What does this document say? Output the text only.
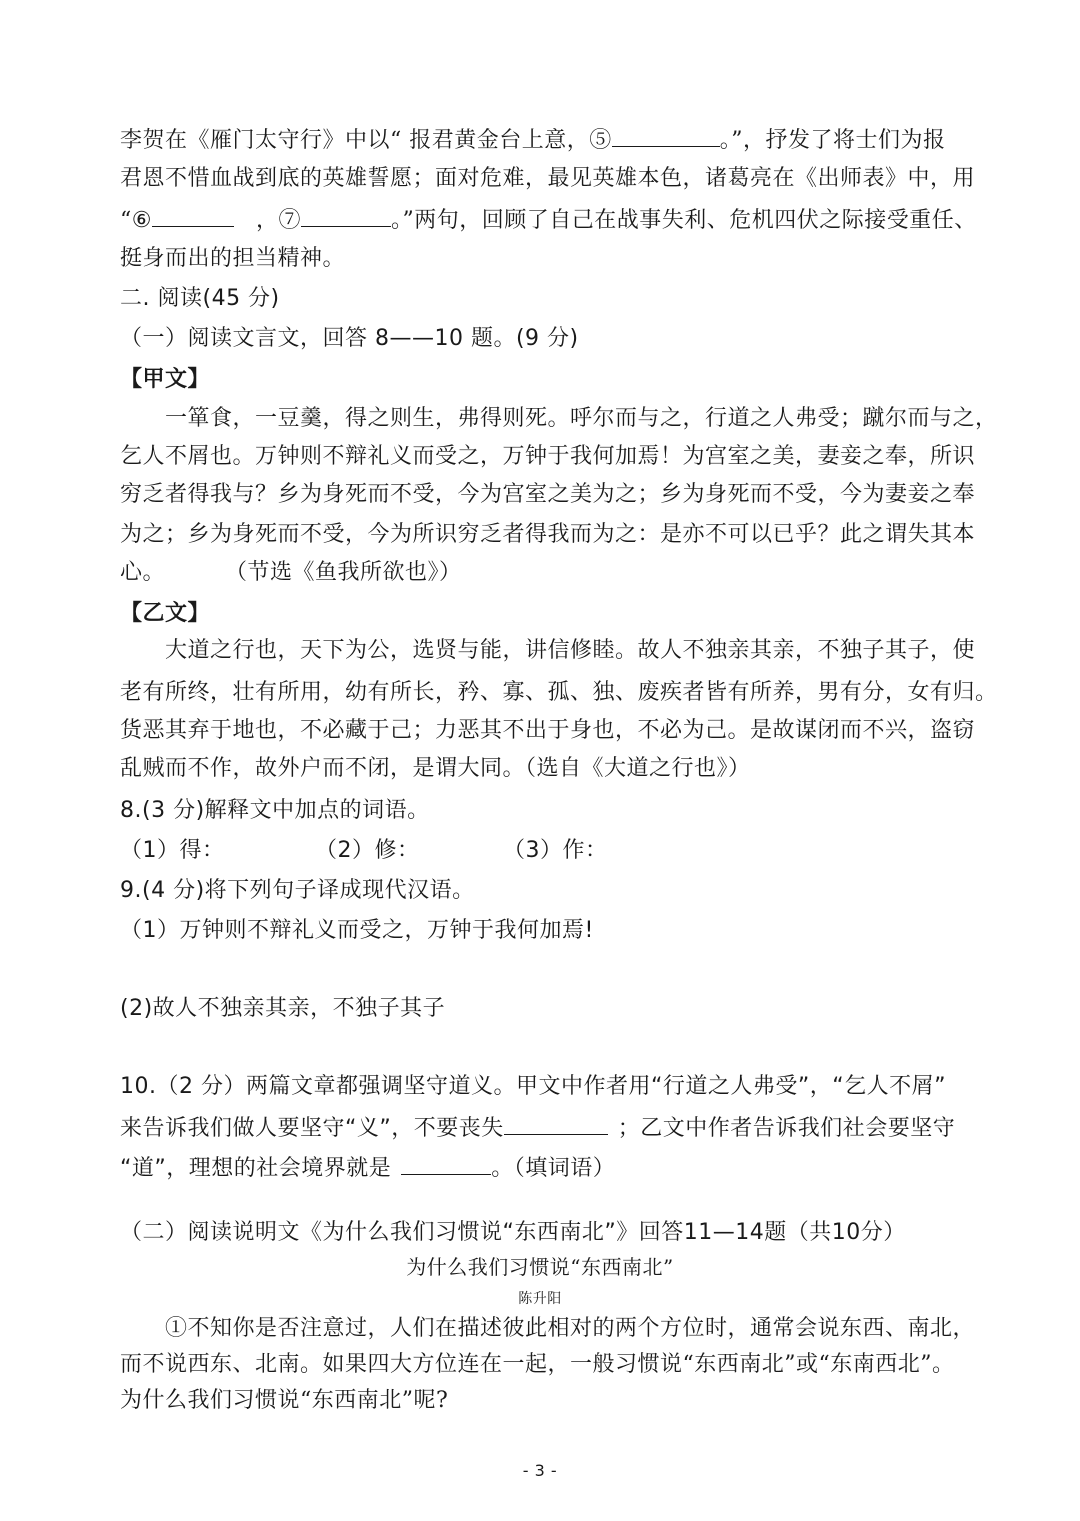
李贺在《雁门太守行》中以“ 报君黄金台上意，⑤	。”，抒发了将士们为报
君恩不惜血战到底的英雄誓愿；面对危难，最见英雄本色，诸葛亮在《出师表》中，用
“⑥	，⑦	。”两句，回顾了自己在战事失利、危机四伏之际接受重任、
挺身而出的担当精神。
二. 阅读(45 分)
（一）阅读文言文，回答 8——10 题。(9 分)
【甲文】
一箪食，一豆羹，得之则生，弗得则死。呼尔而与之，行道之人弗受；蹴尔而与之，
乞人不屑也。万钟则不辩礼义而受之，万钟于我何加焉！为宫室之美，妻妾之奉，所识
穷乏者得我与？乡为身死而不受，今为宫室之美为之；乡为身死而不受，今为妻妾之奉
为之；乡为身死而不受，今为所识穷乏者得我而为之：是亦不可以已乎？此之谓失其本
心。        （节选《鱼我所欲也》）
【乙文】
大道之行也，天下为公，选贤与能，讲信修睦。故人不独亲其亲，不独子其子，使
老有所终，壮有所用，幼有所长，矜、寡、孤、独、废疾者皆有所养，男有分，女有归。
货恶其弃于地也，不必藏于己；力恶其不出于身也，不必为己。是故谋闭而不兴，盗窃
乱贼而不作，故外户而不闭，是谓大同。（选自《大道之行也》）
8.(3 分)解释文中加点的词语。
（1）得：	（2）修：	（3）作：
9.(4 分)将下列句子译成现代汉语。
（1）万钟则不辩礼义而受之，万钟于我何加焉!
(2)故人不独亲其亲，不独子其子
10.（2 分）两篇文章都强调坚守道义。甲文中作者用“行道之人弗受”，“乞人不屑”
来告诉我们做人要坚守“义”，不要丧失	；乙文中作者告诉我们社会要坚守
“道”，理想的社会境界就是	。（填词语）
（二）阅读说明文《为什么我们习惯说“东西南北”》回答11—14题（共10分）
为什么我们习惯说“东西南北”
陈升阳
①不知你是否注意过，人们在描述彼此相对的两个方位时，通常会说东西、南北，
而不说西东、北南。如果四大方位连在一起，一般习惯说“东西南北”或“东南西北”。
为什么我们习惯说“东西南北”呢?
- 3 -
